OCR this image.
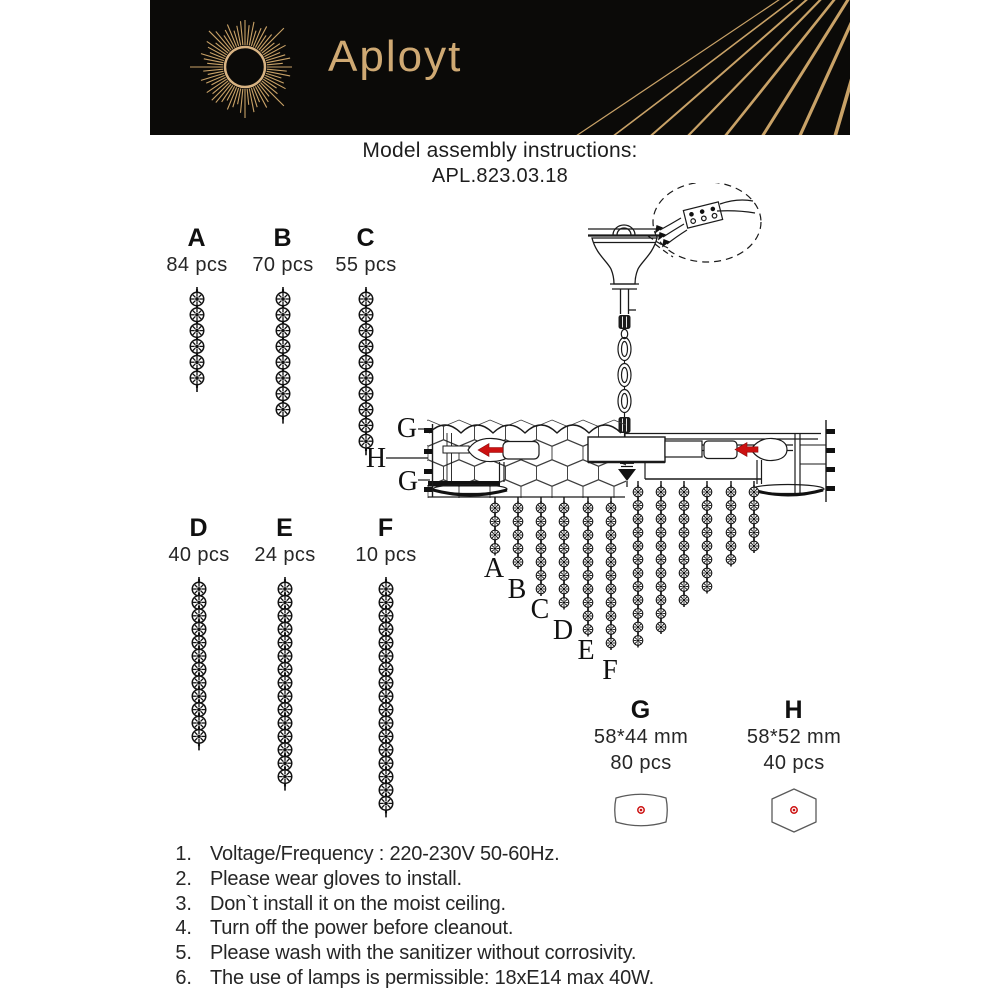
Aployt
Model assembly instructions:
APL.823.03.18
A
84 pcs
B
70 pcs
C
55 pcs
D
40 pcs
E
24 pcs
F
10 pcs
G
58*44 mm
80 pcs
H
58*52 mm
40 pcs
G
H
G
A
B
C
D
E
F
1. Voltage/Frequency : 220-230V 50-60Hz.
2. Please wear gloves to install.
3. Don`t install it on the moist ceiling.
4. Turn off the power before cleanout.
5. Please wash with the sanitizer without corrosivity.
6. The use of lamps is permissible: 18xE14 max 40W.
